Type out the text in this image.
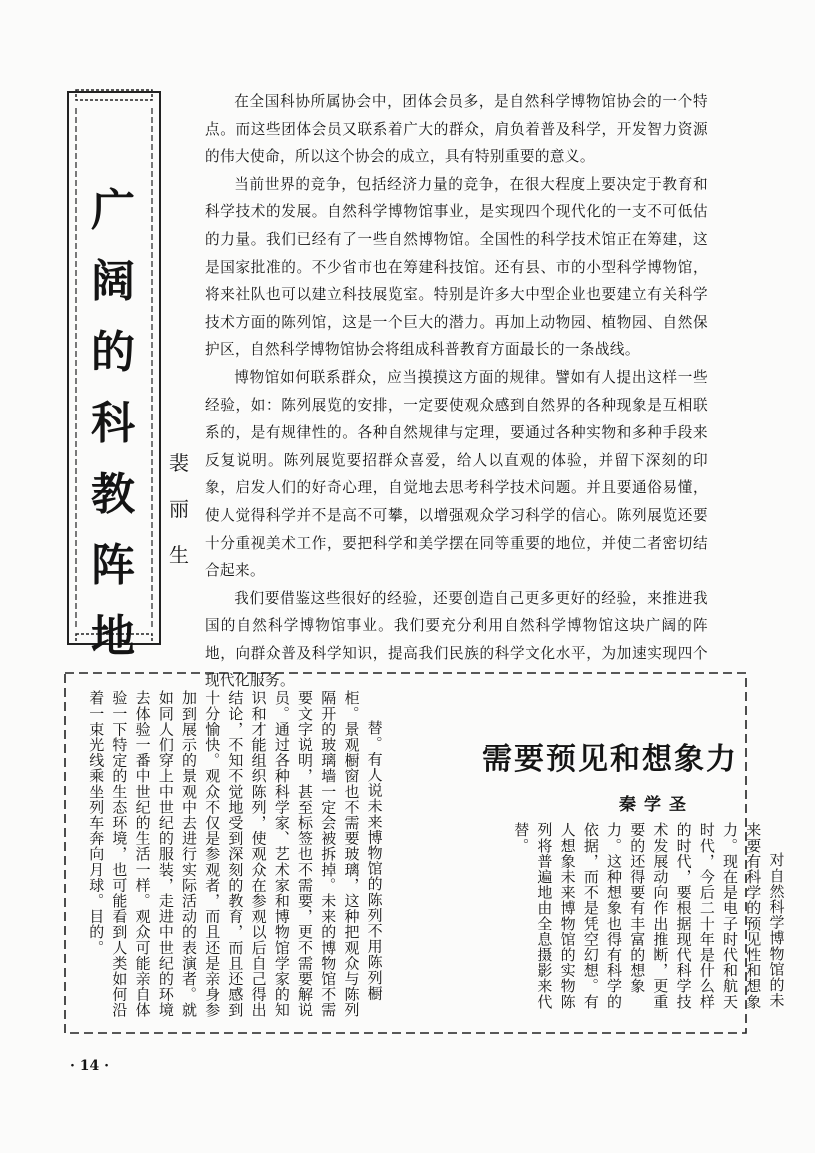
广
阔
的
科
教
阵
地
裴
丽
生

在全国科协所属协会中，团体会员多，是自然科学博物馆协会的一个特点。而这些团体会员又联系着广大的群众，肩负着普及科学，开发智力资源的伟大使命，所以这个协会的成立，具有特别重要的意义。

当前世界的竞争，包括经济力量的竞争，在很大程度上要决定于教育和科学技术的发展。自然科学博物馆事业，是实现四个现代化的一支不可低估的力量。我们已经有了一些自然博物馆。全国性的科学技术馆正在筹建，这是国家批准的。不少省市也在筹建科技馆。还有县、市的小型科学博物馆，将来社队也可以建立科技展览室。特别是许多大中型企业也要建立有关科学技术方面的陈列馆，这是一个巨大的潜力。再加上动物园、植物园、自然保护区，自然科学博物馆协会将组成科普教育方面最长的一条战线。

博物馆如何联系群众，应当摸摸这方面的规律。譬如有人提出这样一些经验，如：陈列展览的安排，一定要使观众感到自然界的各种现象是互相联系的，是有规律性的。各种自然规律与定理，要通过各种实物和多种手段来反复说明。陈列展览要招群众喜爱，给人以直观的体验，并留下深刻的印象，启发人们的好奇心理，自觉地去思考科学技术问题。并且要通俗易懂，使人觉得科学并不是高不可攀，以增强观众学习科学的信心。陈列展览还要十分重视美术工作，要把科学和美学摆在同等重要的地位，并使二者密切结合起来。

我们要借鉴这些很好的经验，还要创造自己更多更好的经验，来推进我国的自然科学博物馆事业。我们要充分利用自然科学博物馆这块广阔的阵地，向群众普及科学知识，提高我们民族的科学文化水平，为加速实现四个现代化服务。

需要预见和想象力
秦学圣

对自然科学博物馆的未来要有科学的预见性和想象力。现在是电子时代和航天时代，今后二十年是什么样的时代，要根据现代科学技术发展动向作出推断，更重要的还得要有丰富的想象力。这种想象也得有科学的依据，而不是凭空幻想。有人想象未来博物馆的实物陈列将普遍地由全息摄影来代替。

替。有人说未来博物馆的陈列不用陈列橱柜。景观橱窗也不需要玻璃，这种把观众与陈列隔开的玻璃墙一定会被拆掉。未来的博物馆不需要文字说明，甚至标签也不需要，更不需要解说员。通过各种科学家、艺术家和博物馆学家的知识和才能组织陈列，使观众在参观以后自己得出结论，不知不觉地受到深刻的教育，而且还感到十分愉快。观众不仅是参观者，而且还是亲身参加到展示的景观中去进行实际活动的表演者。就如同人们穿上中世纪的服装，走进中世纪的环境去体验一番中世纪的生活一样。观众可能亲自体验一下特定的生态环境，也可能看到人类如何沿着一束光线乘坐列车奔向月球。目的。

· 14 ·
